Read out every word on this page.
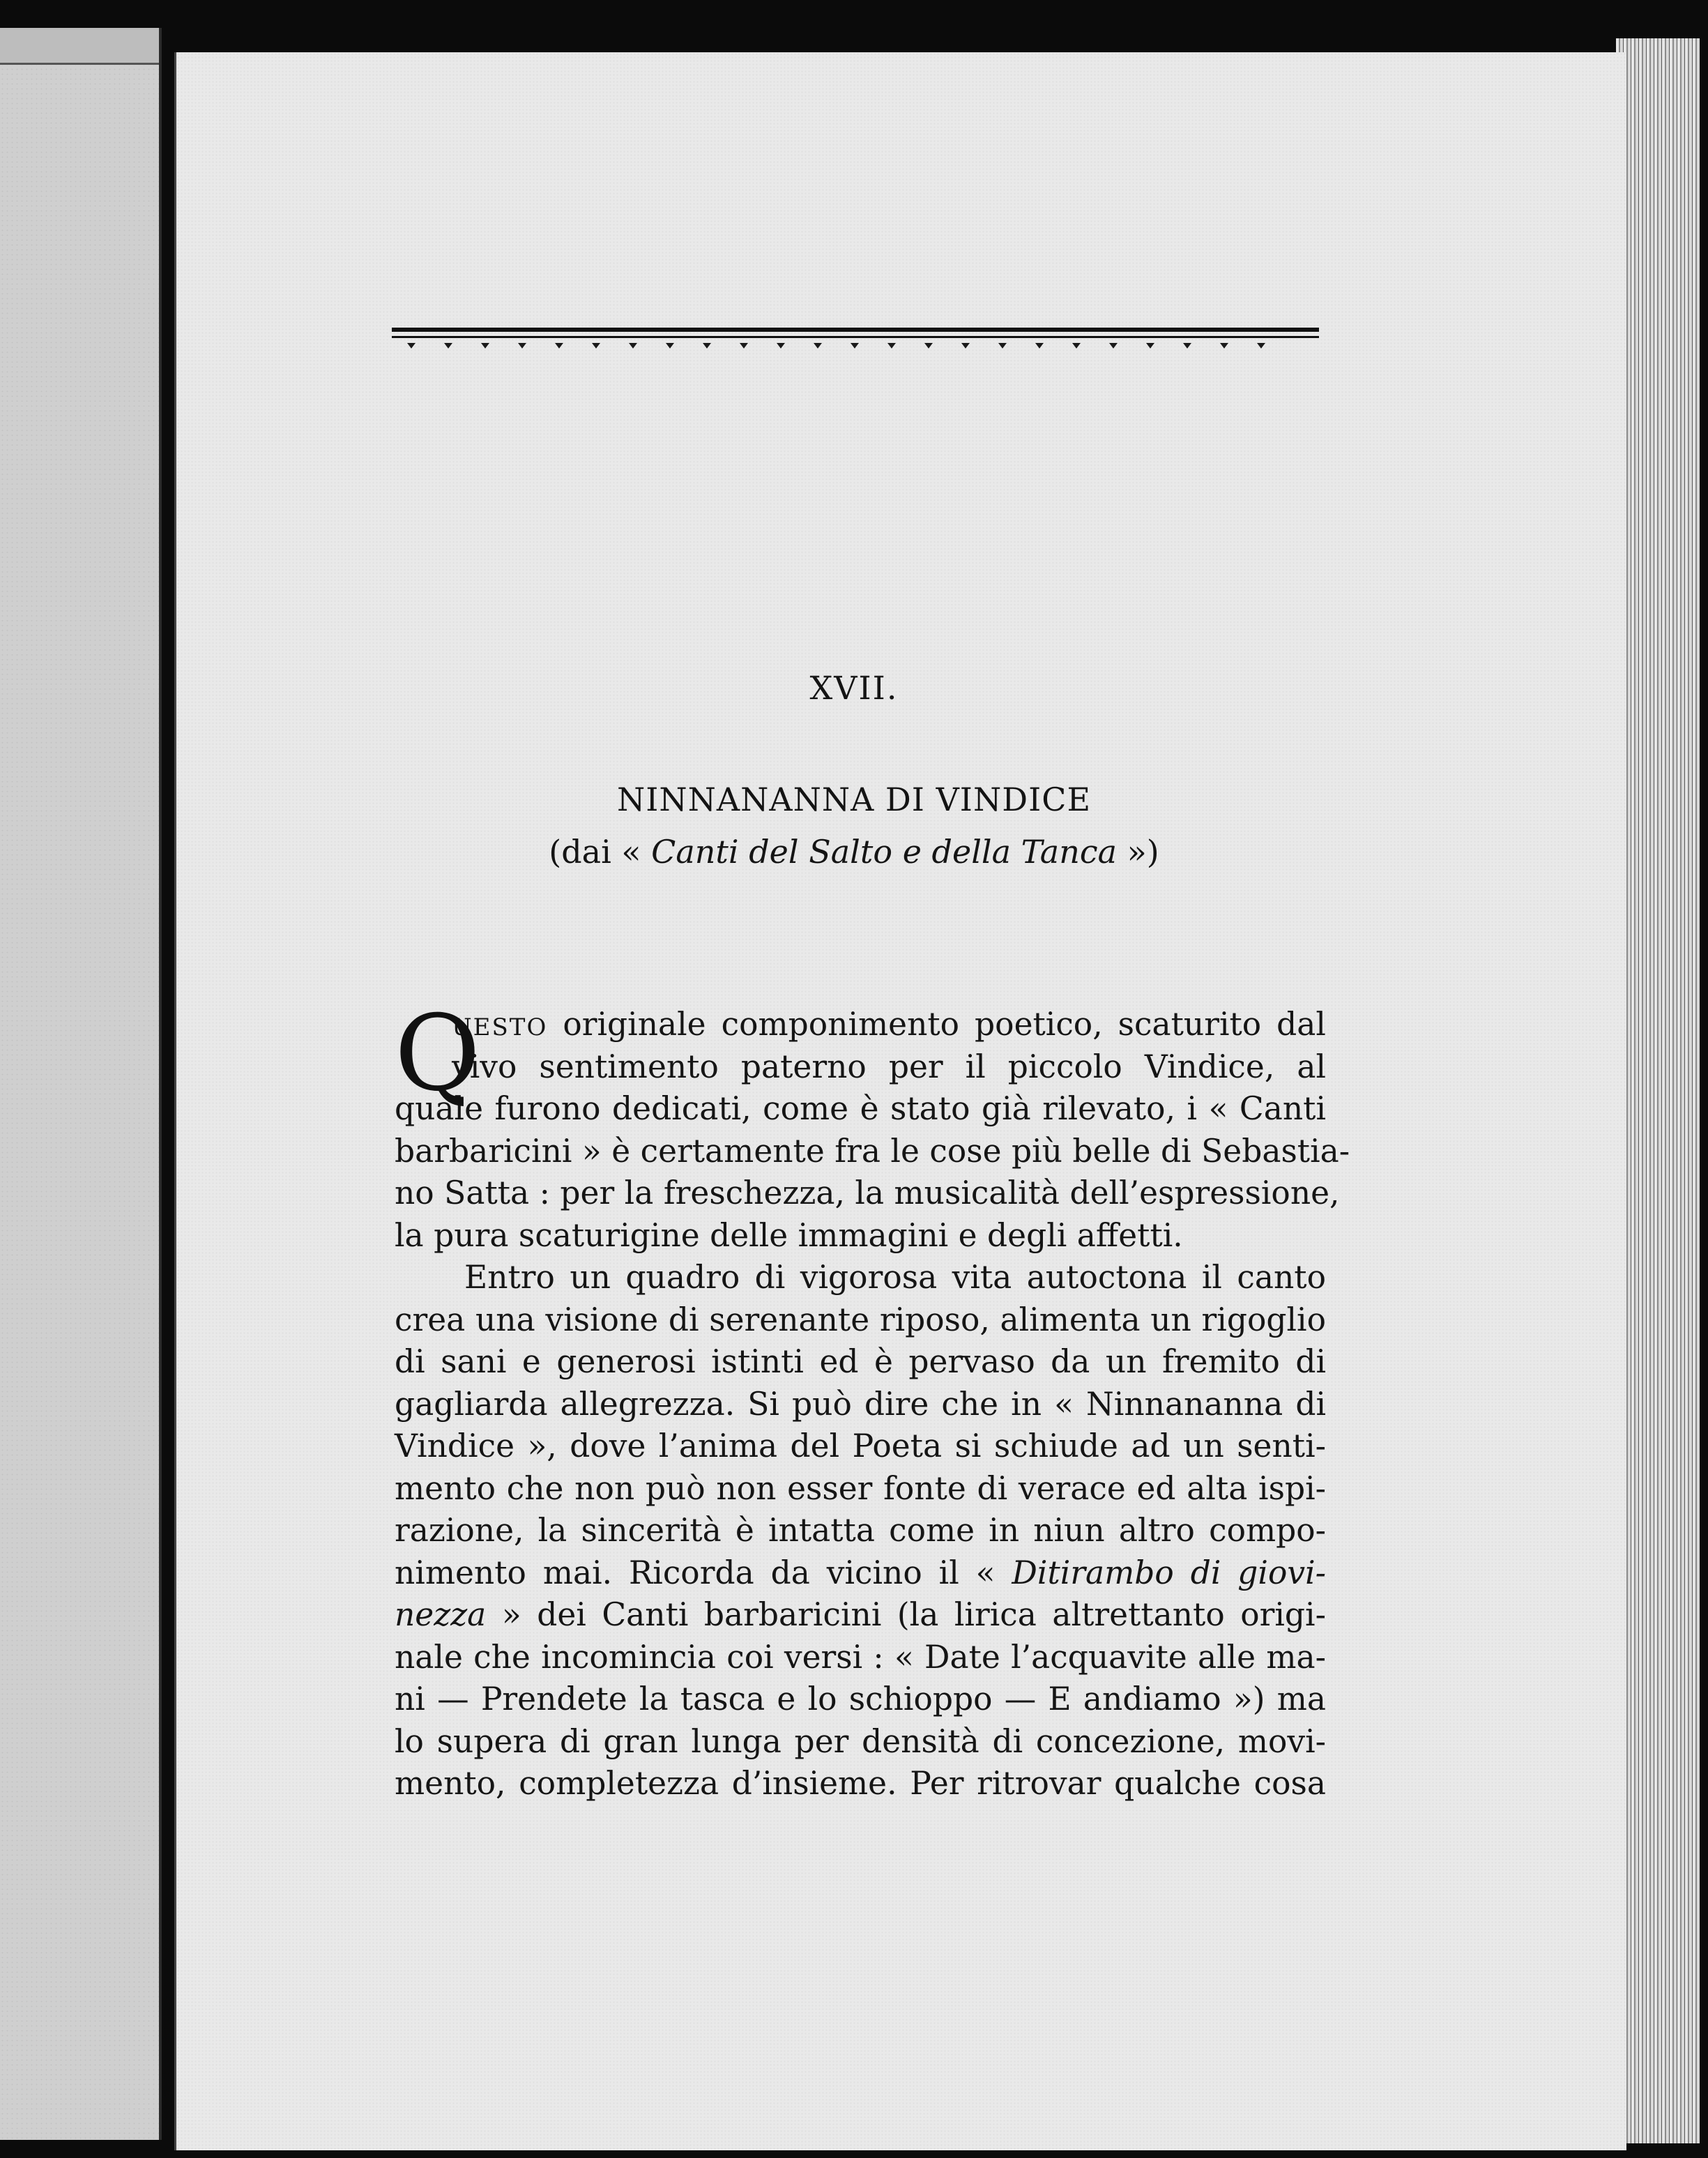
XVII.
NINNANANNA DI VINDICE
(dai « Canti del Salto e della Tanca »)
Q
UESTO originale componimento poetico, scaturito dal
vivo sentimento paterno per il piccolo Vindice, al
quale furono dedicati, come è stato già rilevato, i « Canti
barbaricini » è certamente fra le cose più belle di Sebastia-
no Satta : per la freschezza, la musicalità dell’espressione,
la pura scaturigine delle immagini e degli affetti.
Entro un quadro di vigorosa vita autoctona il canto
crea una visione di serenante riposo, alimenta un rigoglio
di sani e generosi istinti ed è pervaso da un fremito di
gagliarda allegrezza. Si può dire che in « Ninnananna di
Vindice », dove l’anima del Poeta si schiude ad un senti-
mento che non può non esser fonte di verace ed alta ispi-
razione, la sincerità è intatta come in niun altro compo-
nimento mai. Ricorda da vicino il « Ditirambo di giovi-
nezza » dei Canti barbaricini (la lirica altrettanto origi-
nale che incomincia coi versi : « Date l’acquavite alle ma-
ni — Prendete la tasca e lo schioppo — E andiamo ») ma
lo supera di gran lunga per densità di concezione, movi-
mento, completezza d’insieme. Per ritrovar qualche cosa
